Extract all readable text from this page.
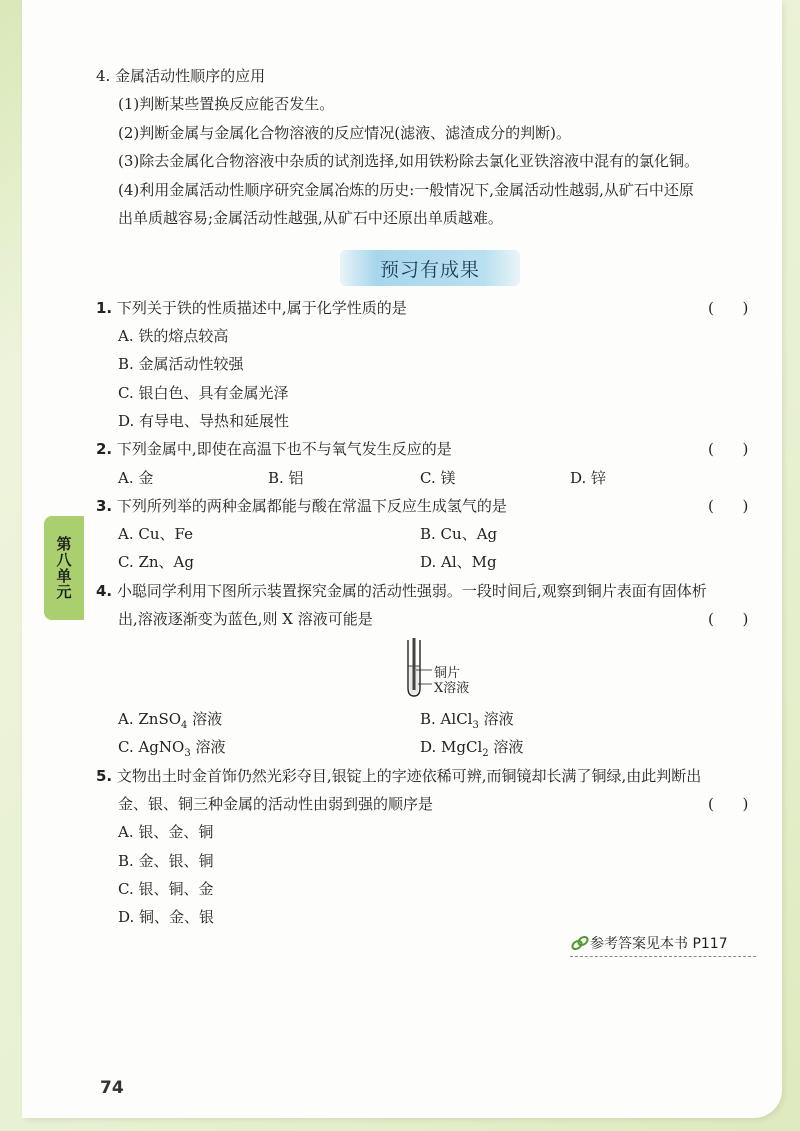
第八单元
4. 金属活动性顺序的应用
(1)判断某些置换反应能否发生。
(2)判断金属与金属化合物溶液的反应情况(滤液、滤渣成分的判断)。
(3)除去金属化合物溶液中杂质的试剂选择,如用铁粉除去氯化亚铁溶液中混有的氯化铜。
(4)利用金属活动性顺序研究金属冶炼的历史:一般情况下,金属活动性越弱,从矿石中还原
出单质越容易;金属活动性越强,从矿石中还原出单质越难。
预习有成果
1. 下列关于铁的性质描述中,属于化学性质的是	(      )
A. 铁的熔点较高
B. 金属活动性较强
C. 银白色、具有金属光泽
D. 有导电、导热和延展性
2. 下列金属中,即使在高温下也不与氧气发生反应的是	(      )
A. 金	B. 铝	C. 镁	D. 锌
3. 下列所列举的两种金属都能与酸在常温下反应生成氢气的是	(      )
A. Cu、Fe	B. Cu、Ag
C. Zn、Ag	D. Al、Mg
4. 小聪同学利用下图所示装置探究金属的活动性强弱。一段时间后,观察到铜片表面有固体析
出,溶液逐渐变为蓝色,则 X 溶液可能是	(      )
铜片
X溶液
A. ZnSO$_4$ 溶液	B. AlCl$_3$ 溶液
C. AgNO$_3$ 溶液	D. MgCl$_2$ 溶液
5. 文物出土时金首饰仍然光彩夺目,银锭上的字迹依稀可辨,而铜镜却长满了铜绿,由此判断出
金、银、铜三种金属的活动性由弱到强的顺序是	(      )
A. 银、金、铜
B. 金、银、铜
C. 银、铜、金
D. 铜、金、银
参考答案见本书 P117
74
